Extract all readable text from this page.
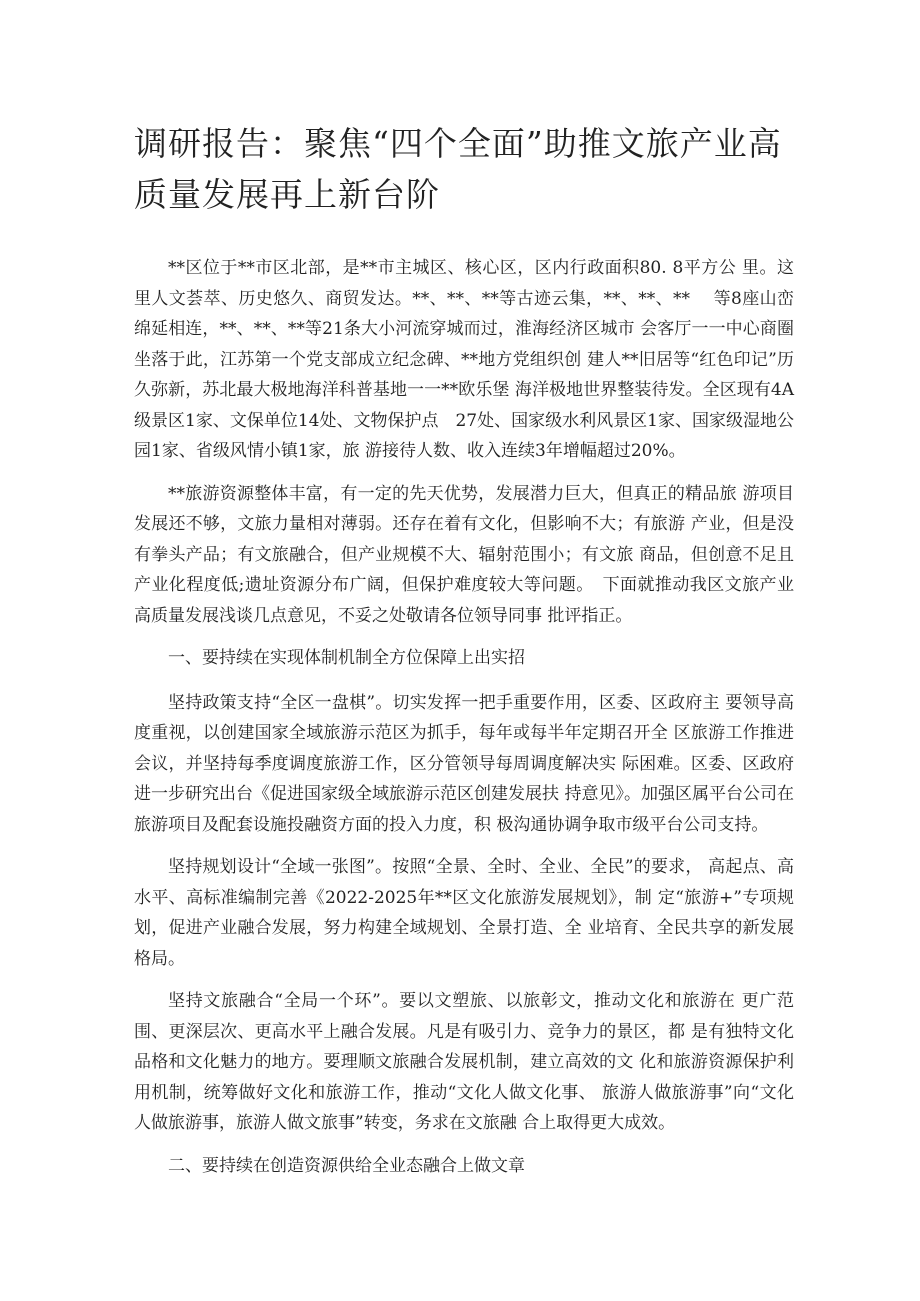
调研报告：聚焦“四个全面”助推文旅产业高质量发展再上新台阶

**区位于**市区北部，是**市主城区、核心区，区内行政面积80. 8平方公 里。这里人文荟萃、历史悠久、商贸发达。**、**、**等古迹云集，**、**、**　 等8座山峦绵延相连，**、**、**等21条大小河流穿城而过，淮海经济区城市 会客厅一一中心商圈坐落于此，江苏第一个党支部成立纪念碑、**地方党组织创 建人**旧居等“红色印记”历久弥新，苏北最大极地海洋科普基地一一**欧乐堡 海洋极地世界整装待发。全区现有4A级景区1家、文保单位14处、文物保护点　27处、国家级水利风景区1家、国家级湿地公园1家、省级风情小镇1家，旅 游接待人数、收入连续3年增幅超过20%。

**旅游资源整体丰富，有一定的先天优势，发展潜力巨大，但真正的精品旅 游项目发展还不够，文旅力量相对薄弱。还存在着有文化，但影响不大；有旅游 产业，但是没有拳头产品；有文旅融合，但产业规模不大、辐射范围小；有文旅 商品，但创意不足且产业化程度低;遗址资源分布广阔，但保护难度较大等问题。　下面就推动我区文旅产业高质量发展浅谈几点意见，不妥之处敬请各位领导同事 批评指正。

一、要持续在实现体制机制全方位保障上出实招

坚持政策支持“全区一盘棋”。切实发挥一把手重要作用，区委、区政府主 要领导高度重视，以创建国家全域旅游示范区为抓手，每年或每半年定期召开全 区旅游工作推进会议，并坚持每季度调度旅游工作，区分管领导每周调度解决实 际困难。区委、区政府进一步研究出台《促进国家级全域旅游示范区创建发展扶 持意见》。加强区属平台公司在旅游项目及配套设施投融资方面的投入力度，积 极沟通协调争取市级平台公司支持。

坚持规划设计“全域一张图”。按照“全景、全时、全业、全民”的要求， 高起点、高水平、高标准编制完善《2022-2025年**区文化旅游发展规划》，制 定“旅游+”专项规划，促进产业融合发展，努力构建全域规划、全景打造、全 业培育、全民共享的新发展格局。

坚持文旅融合“全局一个环”。要以文塑旅、以旅彰文，推动文化和旅游在 更广范围、更深层次、更高水平上融合发展。凡是有吸引力、竞争力的景区，都 是有独特文化品格和文化魅力的地方。要理顺文旅融合发展机制，建立高效的文 化和旅游资源保护利用机制，统筹做好文化和旅游工作，推动“文化人做文化事、 旅游人做旅游事”向“文化人做旅游事，旅游人做文旅事”转变，务求在文旅融 合上取得更大成效。

二、要持续在创造资源供给全业态融合上做文章
